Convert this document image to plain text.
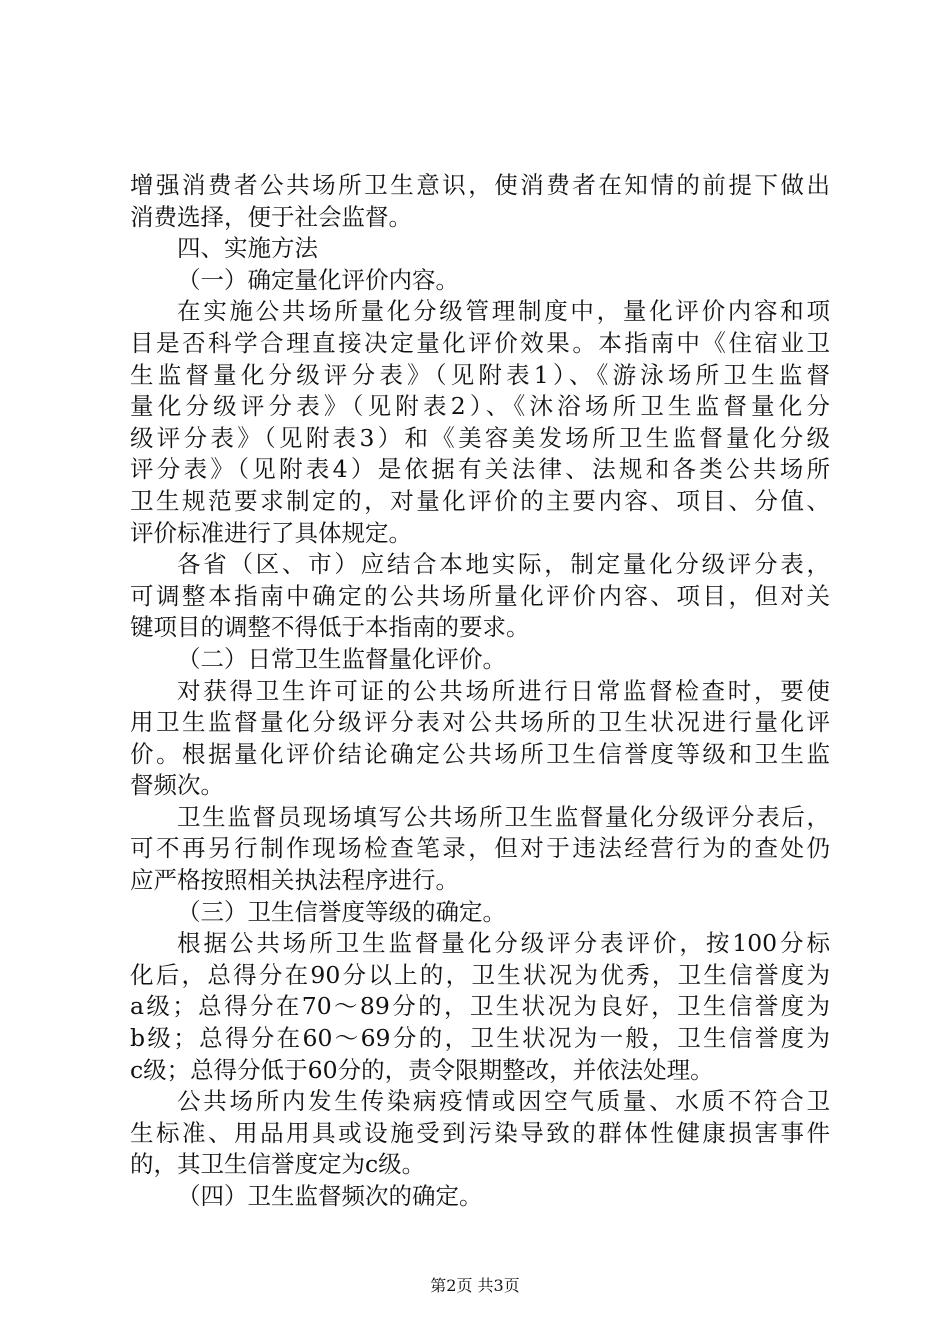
增强消费者公共场所卫生意识，使消费者在知情的前提下做出
消费选择，便于社会监督。
四、实施方法
（一）确定量化评价内容。
在实施公共场所量化分级管理制度中，量化评价内容和项
目是否科学合理直接决定量化评价效果。本指南中《住宿业卫
生监督量化分级评分表》（见附表1）、《游泳场所卫生监督
量化分级评分表》（见附表2）、《沐浴场所卫生监督量化分
级评分表》（见附表3）和《美容美发场所卫生监督量化分级
评分表》（见附表4）是依据有关法律、法规和各类公共场所
卫生规范要求制定的，对量化评价的主要内容、项目、分值、
评价标准进行了具体规定。
各省（区、市）应结合本地实际，制定量化分级评分表，
可调整本指南中确定的公共场所量化评价内容、项目，但对关
键项目的调整不得低于本指南的要求。
（二）日常卫生监督量化评价。
对获得卫生许可证的公共场所进行日常监督检查时，要使
用卫生监督量化分级评分表对公共场所的卫生状况进行量化评
价。根据量化评价结论确定公共场所卫生信誉度等级和卫生监
督频次。
卫生监督员现场填写公共场所卫生监督量化分级评分表后，
可不再另行制作现场检查笔录，但对于违法经营行为的查处仍
应严格按照相关执法程序进行。
（三）卫生信誉度等级的确定。
根据公共场所卫生监督量化分级评分表评价，按100分标
化后，总得分在90分以上的，卫生状况为优秀，卫生信誉度为
a级；总得分在70～89分的，卫生状况为良好，卫生信誉度为
b级；总得分在60～69分的，卫生状况为一般，卫生信誉度为
c级；总得分低于60分的，责令限期整改，并依法处理。
公共场所内发生传染病疫情或因空气质量、水质不符合卫
生标准、用品用具或设施受到污染导致的群体性健康损害事件
的，其卫生信誉度定为c级。
（四）卫生监督频次的确定。
第2页 共3页
